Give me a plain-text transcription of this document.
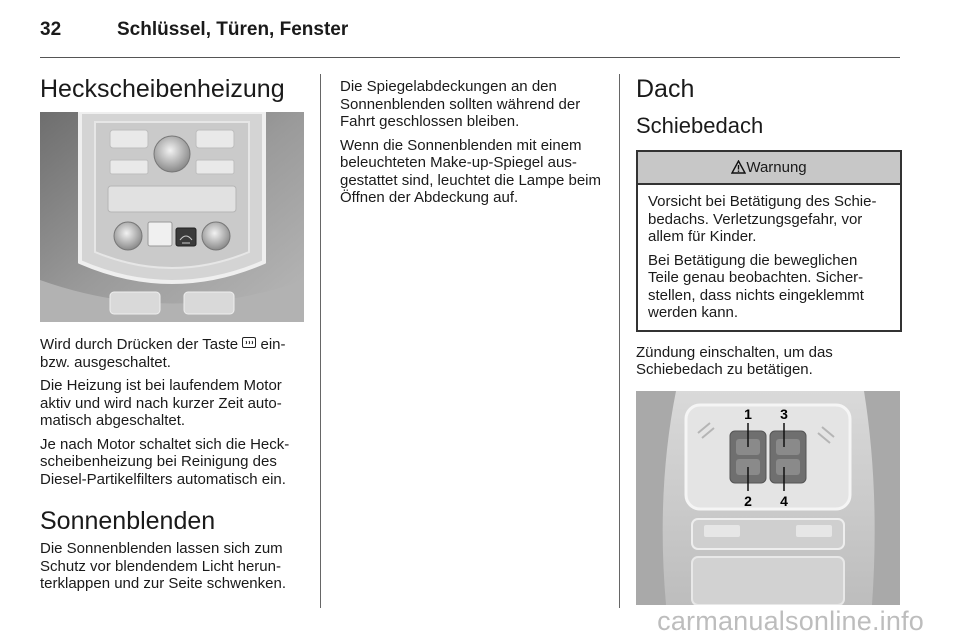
32	Schlüssel, Türen, Fenster
Heckscheibenheizung

Wird durch Drücken der Taste  ein-bzw. ausgeschaltet.

Die Heizung ist bei laufendem Motor aktiv und wird nach kurzer Zeit auto-matisch abgeschaltet.

Je nach Motor schaltet sich die Heck-scheibenheizung bei Reinigung des Diesel-Partikelfilters automatisch ein.

Sonnenblenden

Die Sonnenblenden lassen sich zum Schutz vor blendendem Licht herun-terklappen und zur Seite schwenken.

Die Spiegelabdeckungen an den Sonnenblenden sollten während der Fahrt geschlossen bleiben.

Wenn die Sonnenblenden mit einem beleuchteten Make-up-Spiegel aus-gestattet sind, leuchtet die Lampe beim Öffnen der Abdeckung auf.

Dach
Schiebedach
Warnung

Vorsicht bei Betätigung des Schie-bedachs. Verletzungsgefahr, vor allem für Kinder.

Bei Betätigung die beweglichen Teile genau beobachten. Sicher-stellen, dass nichts eingeklemmt werden kann.

Zündung einschalten, um das Schiebedach zu betätigen.

1
2
3
4
carmanualsonline.info
